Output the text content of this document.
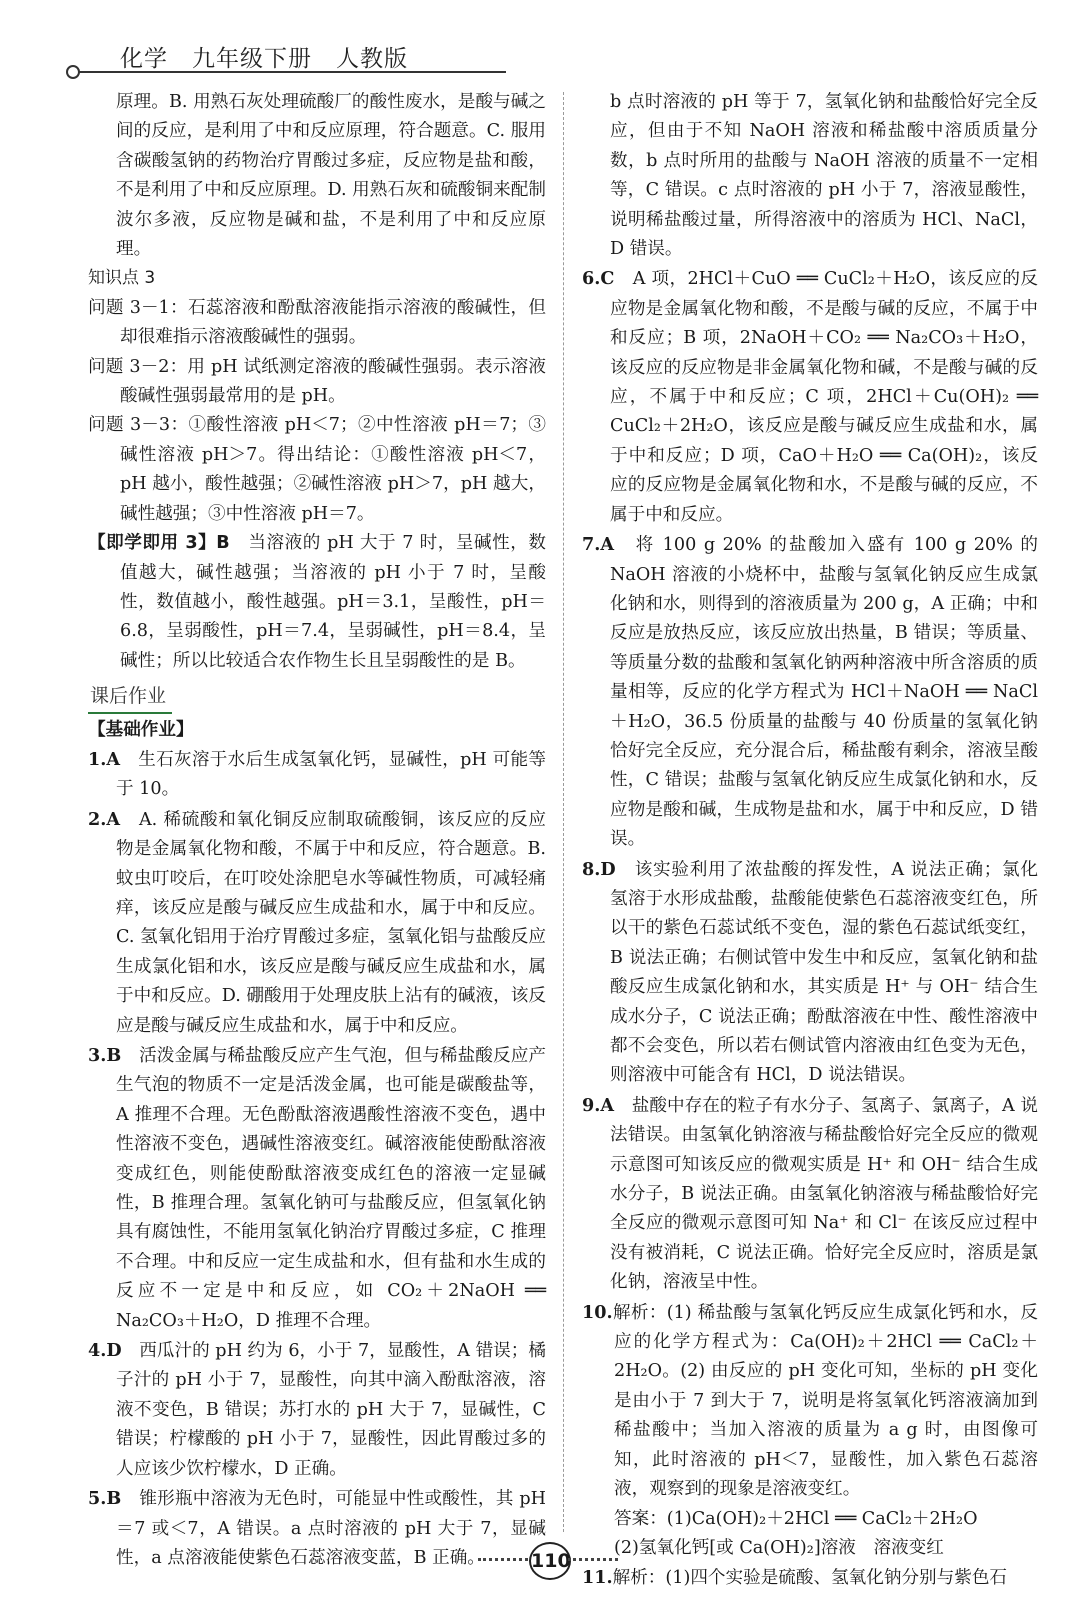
化学　九年级下册　人教版

原理。B. 用熟石灰处理硫酸厂的酸性废水，是酸与碱之间的反应，是利用了中和反应原理，符合题意。C. 服用含碳酸氢钠的药物治疗胃酸过多症，反应物是盐和酸，不是利用了中和反应原理。D. 用熟石灰和硫酸铜来配制波尔多液，反应物是碱和盐，不是利用了中和反应原理。

知识点 3

问题 3－1：石蕊溶液和酚酞溶液能指示溶液的酸碱性，但却很难指示溶液酸碱性的强弱。

问题 3－2：用 pH 试纸测定溶液的酸碱性强弱。表示溶液酸碱性强弱最常用的是 pH。

问题 3－3：①酸性溶液 pH＜7；②中性溶液 pH＝7；③碱性溶液 pH＞7。得出结论：①酸性溶液 pH＜7，pH 越小，酸性越强；②碱性溶液 pH＞7，pH 越大，碱性越强；③中性溶液 pH＝7。

【即学即用 3】B　 当溶液的 pH 大于 7 时，呈碱性，数值越大，碱性越强；当溶液的 pH 小于 7 时，呈酸性，数值越小，酸性越强。pH＝3.1，呈酸性，pH＝6.8，呈弱酸性，pH＝7.4，呈弱碱性，pH＝8.4，呈碱性；所以比较适合农作物生长且呈弱酸性的是 B。

课后作业

【基础作业】

1.A　 生石灰溶于水后生成氢氧化钙，显碱性，pH 可能等于 10。

2.A　 A. 稀硫酸和氧化铜反应制取硫酸铜，该反应的反应物是金属氧化物和酸，不属于中和反应，符合题意。B. 蚊虫叮咬后，在叮咬处涂肥皂水等碱性物质，可减轻痛痒，该反应是酸与碱反应生成盐和水，属于中和反应。C. 氢氧化铝用于治疗胃酸过多症，氢氧化铝与盐酸反应生成氯化铝和水，该反应是酸与碱反应生成盐和水，属于中和反应。D. 硼酸用于处理皮肤上沾有的碱液，该反应是酸与碱反应生成盐和水，属于中和反应。

3.B　 活泼金属与稀盐酸反应产生气泡，但与稀盐酸反应产生气泡的物质不一定是活泼金属，也可能是碳酸盐等，A 推理不合理。无色酚酞溶液遇酸性溶液不变色，遇中性溶液不变色，遇碱性溶液变红。碱溶液能使酚酞溶液变成红色，则能使酚酞溶液变成红色的溶液一定显碱性，B 推理合理。氢氧化钠可与盐酸反应，但氢氧化钠具有腐蚀性，不能用氢氧化钠治疗胃酸过多症，C 推理不合理。中和反应一定生成盐和水，但有盐和水生成的反应不一定是中和反应，如 CO₂＋2NaOH ══ Na₂CO₃＋H₂O，D 推理不合理。

4.D　 西瓜汁的 pH 约为 6，小于 7，显酸性，A 错误；橘子汁的 pH 小于 7，显酸性，向其中滴入酚酞溶液，溶液不变色，B 错误；苏打水的 pH 大于 7，显碱性，C 错误；柠檬酸的 pH 小于 7，显酸性，因此胃酸过多的人应该少饮柠檬水，D 正确。

5.B　 锥形瓶中溶液为无色时，可能显中性或酸性，其 pH＝7 或＜7，A 错误。a 点时溶液的 pH 大于 7，显碱性，a 点溶液能使紫色石蕊溶液变蓝，B 正确。

b 点时溶液的 pH 等于 7，氢氧化钠和盐酸恰好完全反应，但由于不知 NaOH 溶液和稀盐酸中溶质质量分数，b 点时所用的盐酸与 NaOH 溶液的质量不一定相等，C 错误。c 点时溶液的 pH 小于 7，溶液显酸性，说明稀盐酸过量，所得溶液中的溶质为 HCl、NaCl，D 错误。

6.C　 A 项，2HCl＋CuO ══ CuCl₂＋H₂O，该反应的反应物是金属氧化物和酸，不是酸与碱的反应，不属于中和反应；B 项，2NaOH＋CO₂ ══ Na₂CO₃＋H₂O，该反应的反应物是非金属氧化物和碱，不是酸与碱的反应，不属于中和反应；C 项，2HCl＋Cu(OH)₂ ══ CuCl₂＋2H₂O，该反应是酸与碱反应生成盐和水，属于中和反应；D 项，CaO＋H₂O ══ Ca(OH)₂，该反应的反应物是金属氧化物和水，不是酸与碱的反应，不属于中和反应。

7.A　 将 100 g 20% 的盐酸加入盛有 100 g 20% 的 NaOH 溶液的小烧杯中，盐酸与氢氧化钠反应生成氯化钠和水，则得到的溶液质量为 200 g，A 正确；中和反应是放热反应，该反应放出热量，B 错误；等质量、等质量分数的盐酸和氢氧化钠两种溶液中所含溶质的质量相等，反应的化学方程式为 HCl＋NaOH ══ NaCl＋H₂O，36.5 份质量的盐酸与 40 份质量的氢氧化钠恰好完全反应，充分混合后，稀盐酸有剩余，溶液呈酸性，C 错误；盐酸与氢氧化钠反应生成氯化钠和水，反应物是酸和碱，生成物是盐和水，属于中和反应，D 错误。

8.D　 该实验利用了浓盐酸的挥发性，A 说法正确；氯化氢溶于水形成盐酸，盐酸能使紫色石蕊溶液变红色，所以干的紫色石蕊试纸不变色，湿的紫色石蕊试纸变红，B 说法正确；右侧试管中发生中和反应，氢氧化钠和盐酸反应生成氯化钠和水，其实质是 H⁺ 与 OH⁻ 结合生成水分子，C 说法正确；酚酞溶液在中性、酸性溶液中都不会变色，所以若右侧试管内溶液由红色变为无色，则溶液中可能含有 HCl，D 说法错误。

9.A　 盐酸中存在的粒子有水分子、氢离子、氯离子，A 说法错误。由氢氧化钠溶液与稀盐酸恰好完全反应的微观示意图可知该反应的微观实质是 H⁺ 和 OH⁻ 结合生成水分子，B 说法正确。由氢氧化钠溶液与稀盐酸恰好完全反应的微观示意图可知 Na⁺ 和 Cl⁻ 在该反应过程中没有被消耗，C 说法正确。恰好完全反应时，溶质是氯化钠，溶液呈中性。

10.解析：(1) 稀盐酸与氢氧化钙反应生成氯化钙和水，反应的化学方程式为：Ca(OH)₂＋2HCl ══ CaCl₂＋2H₂O。(2) 由反应的 pH 变化可知，坐标的 pH 变化是由小于 7 到大于 7，说明是将氢氧化钙溶液滴加到稀盐酸中；当加入溶液的质量为 a g 时，由图像可知，此时溶液的 pH＜7，显酸性，加入紫色石蕊溶液，观察到的现象是溶液变红。

答案：(1)Ca(OH)₂＋2HCl ══ CaCl₂＋2H₂O

(2)氢氧化钙[或 Ca(OH)₂]溶液　溶液变红

11.解析：(1)四个实验是硫酸、氢氧化钠分别与紫色石

110
